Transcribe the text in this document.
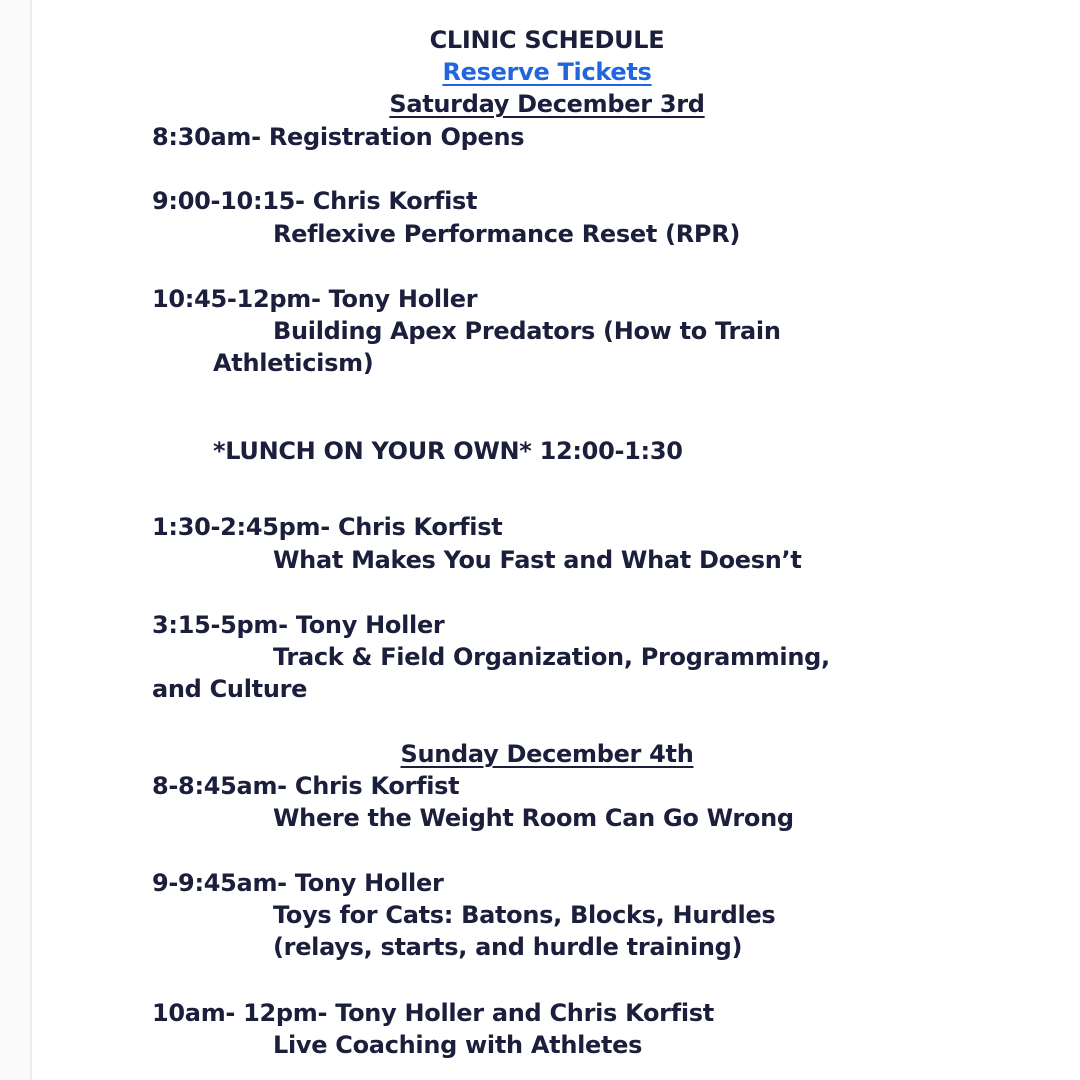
CLINIC SCHEDULE
Reserve Tickets
Saturday December 3rd
8:30am- Registration Opens
9:00-10:15- Chris Korfist
Reflexive Performance Reset (RPR)
10:45-12pm- Tony Holler
Building Apex Predators (How to Train
Athleticism)
*LUNCH ON YOUR OWN* 12:00-1:30
1:30-2:45pm- Chris Korfist
What Makes You Fast and What Doesn’t
3:15-5pm- Tony Holler
Track & Field Organization, Programming,
and Culture
Sunday December 4th
8-8:45am- Chris Korfist
Where the Weight Room Can Go Wrong
9-9:45am- Tony Holler
Toys for Cats: Batons, Blocks, Hurdles
(relays, starts, and hurdle training)
10am- 12pm- Tony Holler and Chris Korfist
Live Coaching with Athletes
